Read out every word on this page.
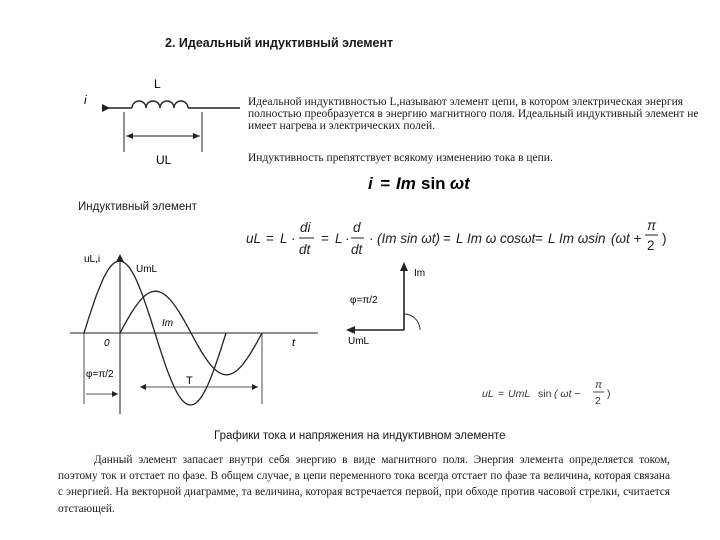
2. Идеальный индуктивный элемент
i
L
UL
Идеальной индуктивностью L,называют элемент цепи, в котором электрическая энергия полностью преобразуется в энергию магнитного поля. Идеальный индуктивный элемент не имеет нагрева и электрических полей.
Индуктивность препятствует всякому изменению тока в цепи.
i = Im sin ωt
Индуктивный элемент
uL = L ·
di
dt
= L ·
d
dt
· (Im sin ωt) = L Im ω cosωt = L Im ωsin (ωt +
π
2 )
uL,i
UmL
Im
0	t
φ=π/2
T
Im
φ=π/2
UmL
uL = UmL sin ( ωt −
π
2
)
Графики тока и напряжения на индуктивном элементе
Данный элемент запасает внутри себя энергию в виде магнитного поля. Энергия элемента определяется током, поэтому ток и отстает по фазе. В общем случае, в цепи переменного тока всегда отстает по фазе та величина, которая связана с энергией. На векторной диаграмме, та величина, которая встречается первой, при обходе против часовой стрелки, считается отстающей.
